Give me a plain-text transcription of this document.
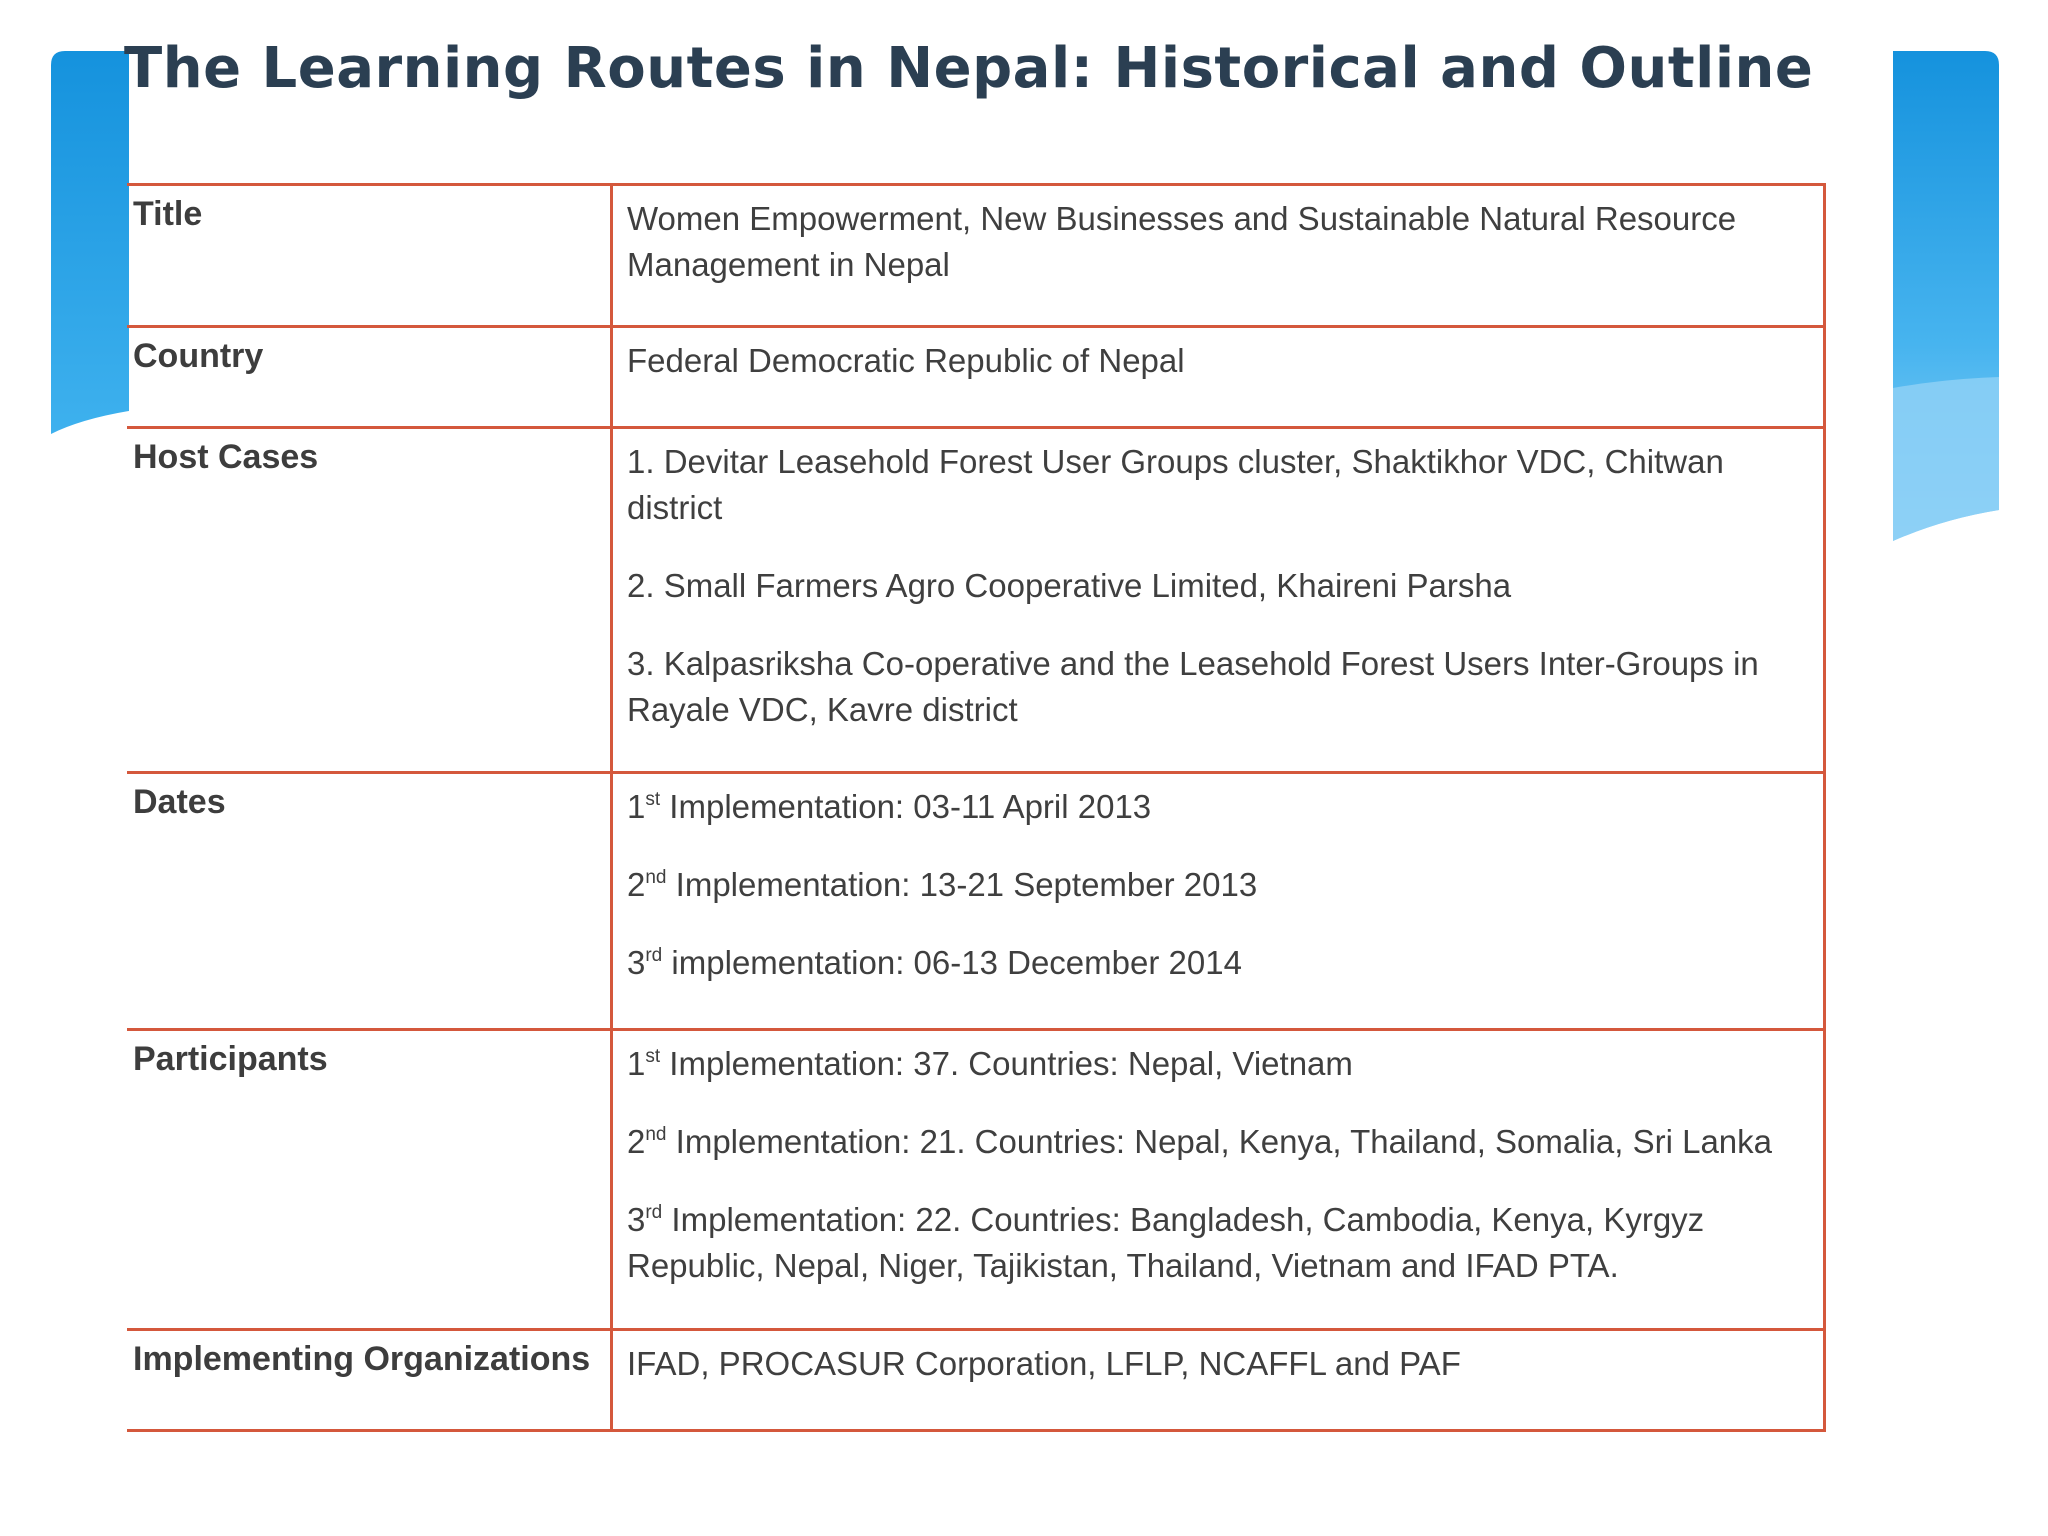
The Learning Routes in Nepal: Historical and Outline
Title	Women Empowerment, New Businesses and Sustainable Natural Resource Management in Nepal
Country	Federal Democratic Republic of Nepal
Host Cases	1. Devitar Leasehold Forest User Groups cluster, Shaktikhor VDC, Chitwan district
2. Small Farmers Agro Cooperative Limited, Khaireni Parsha
3. Kalpasriksha Co-operative and the Leasehold Forest Users Inter-Groups in Rayale VDC, Kavre district

Dates	1st Implementation: 03-11 April 2013
2nd Implementation: 13-21 September 2013
3rd implementation: 06-13 December 2014

Participants	1st Implementation: 37. Countries: Nepal, Vietnam
2nd Implementation: 21. Countries: Nepal, Kenya, Thailand, Somalia, Sri Lanka
3rd Implementation: 22. Countries: Bangladesh, Cambodia, Kenya, Kyrgyz Republic, Nepal, Niger, Tajikistan, Thailand, Vietnam and IFAD PTA.

Implementing Organizations	IFAD, PROCASUR Corporation, LFLP, NCAFFL and PAF
